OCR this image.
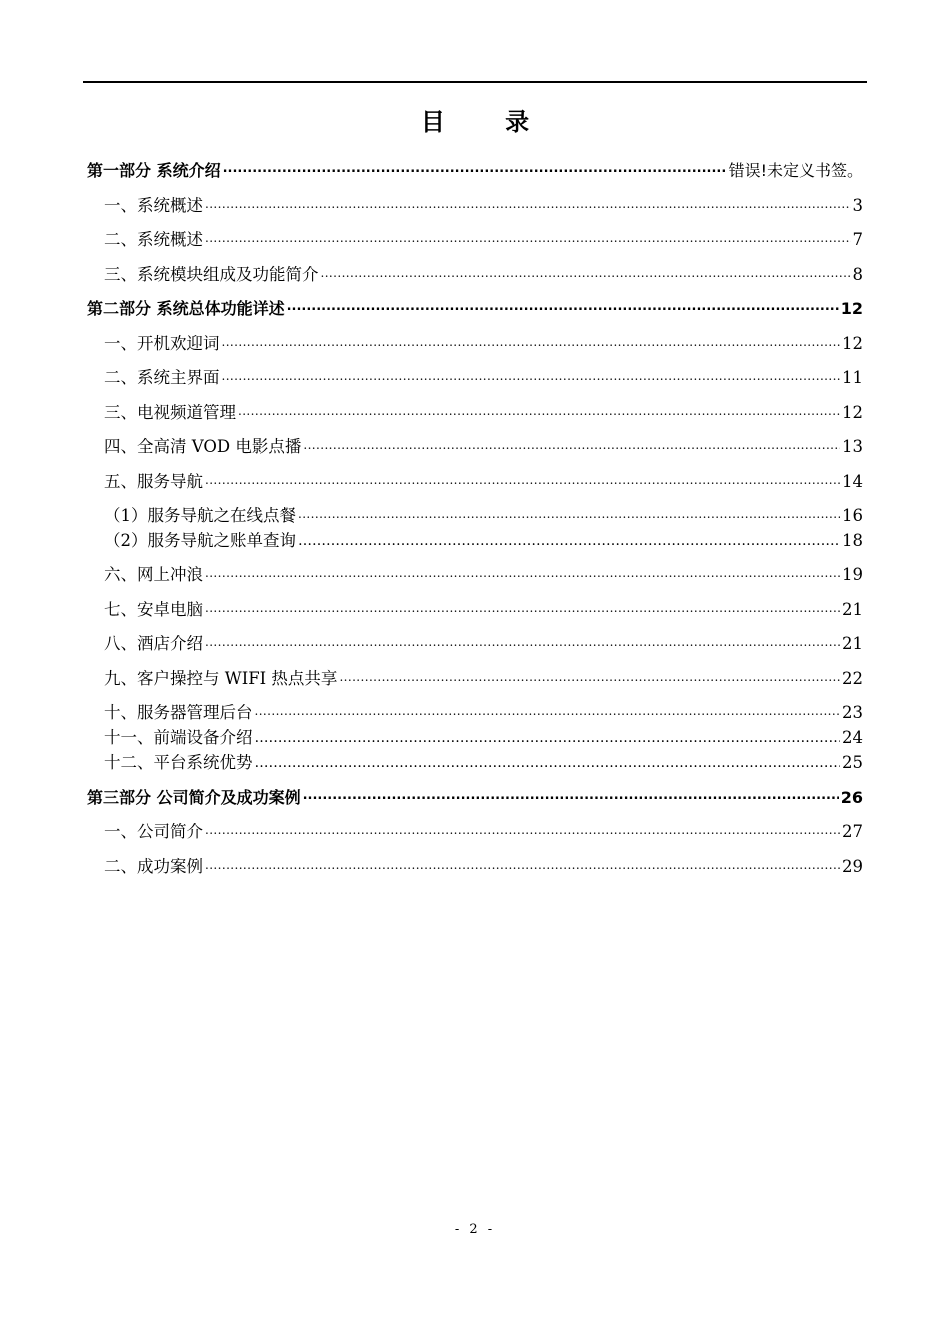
目 录
第一部分 系统介绍 .....	错误!未定义书签。
一、系统概述 .....	3
二、系统概述 .....	7
三、系统模块组成及功能简介 .....	8
第二部分 系统总体功能详述 .....	12
一、开机欢迎词 .....	12
二、系统主界面 .....	11
三、电视频道管理 .....	12
四、全高清 VOD 电影点播 .....	13
五、服务导航 .....	14
（1）服务导航之在线点餐 .....	16
（2）服务导航之账单查询 …………………………………………………………………………………………………………………………………………………………………………	18
六、网上冲浪 .....	19
七、安卓电脑 .....	21
八、酒店介绍 .....	21
九、客户操控与 WIFI 热点共享 .....	22
十、服务器管理后台 .....	23
十一、前端设备介绍 …………………………………………………………………………………………………………………………………………………………………………	24
十二、平台系统优势 …………………………………………………………………………………………………………………………………………………………………………	25
第三部分 公司简介及成功案例 .....	26
一、公司简介 .....	27
二、成功案例 .....	29
- 2 -
